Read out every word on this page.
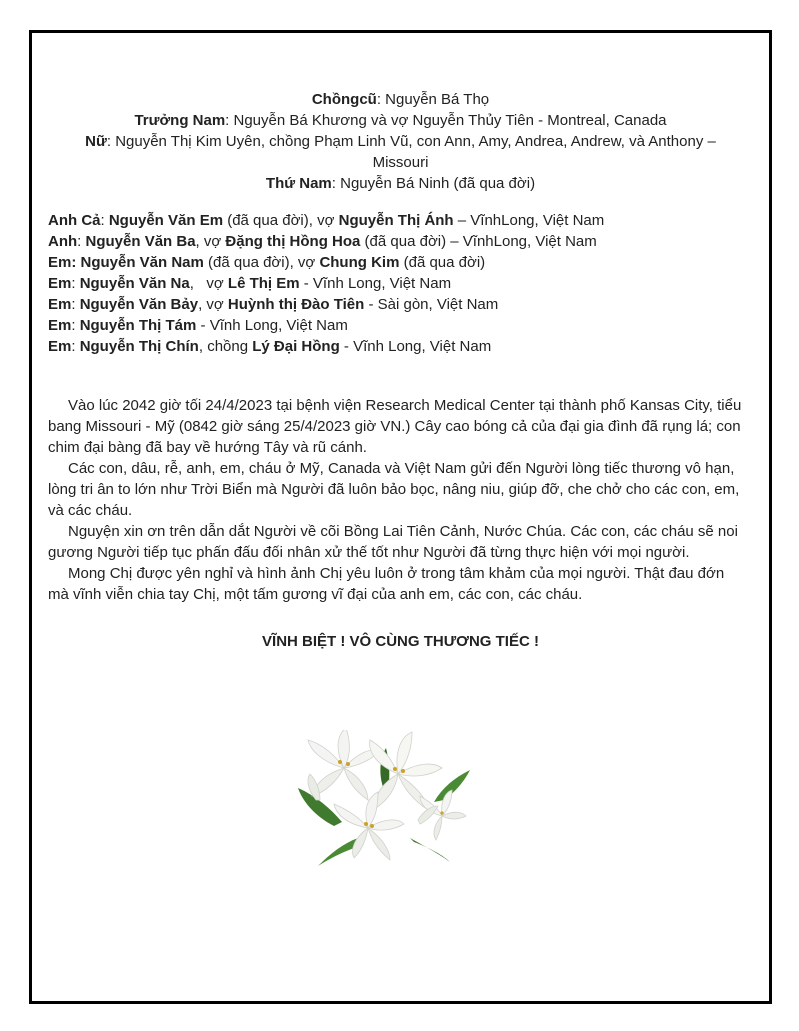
Chồngcũ: Nguyễn Bá Thọ
Trưởng Nam: Nguyễn Bá Khương và vợ Nguyễn Thủy Tiên - Montreal, Canada
Nữ: Nguyễn Thị Kim Uyên, chồng Phạm Linh Vũ, con Ann, Amy, Andrea, Andrew, và Anthony – Missouri
Thứ Nam: Nguyễn Bá Ninh (đã qua đời)
Anh Cả: Nguyễn Văn Em (đã qua đời), vợ Nguyễn Thị Ánh – VĩnhLong, Việt Nam
Anh: Nguyễn Văn Ba, vợ Đặng thị Hồng Hoa (đã qua đời) – VĩnhLong, Việt Nam
Em: Nguyễn Văn Nam (đã qua đời), vợ Chung Kim (đã qua đời)
Em: Nguyễn Văn Na,   vợ Lê Thị Em - Vĩnh Long, Việt Nam
Em: Nguyễn Văn Bảy, vợ Huỳnh thị Đào Tiên - Sài gòn, Việt Nam
Em: Nguyễn Thị Tám - Vĩnh Long, Việt Nam
Em: Nguyễn Thị Chín, chồng Lý Đại Hồng - Vĩnh Long, Việt Nam

Vào lúc 2042 giờ tối 24/4/2023 tại bệnh viện Research Medical Center tại thành phố Kansas City, tiểu bang Missouri - Mỹ (0842 giờ sáng 25/4/2023 giờ VN.) Cây cao bóng cả của đại gia đình đã rụng lá; con chim đại bàng đã bay về hướng Tây và rũ cánh.

Các con, dâu, rễ, anh, em, cháu ở Mỹ, Canada và Việt Nam gửi đến Người lòng tiếc thương vô hạn, lòng tri ân to lớn như Trời Biển mà Người đã luôn bảo bọc, nâng niu, giúp đỡ, che chở cho các con, em, và các cháu.

Nguyện xin ơn trên dẫn dắt Người về cõi Bồng Lai Tiên Cảnh, Nước Chúa. Các con, các cháu sẽ noi gương Người tiếp tục phấn đấu đối nhân xử thế tốt như Người đã từng thực hiện với mọi người.

Mong Chị được yên nghỉ và hình ảnh Chị yêu luôn ở trong tâm khảm của mọi người. Thật đau đớn mà vĩnh viễn chia tay Chị, một tấm gương vĩ đại của anh em, các con, các cháu.

VĨNH BIỆT ! VÔ CÙNG THƯƠNG TIẾC !
